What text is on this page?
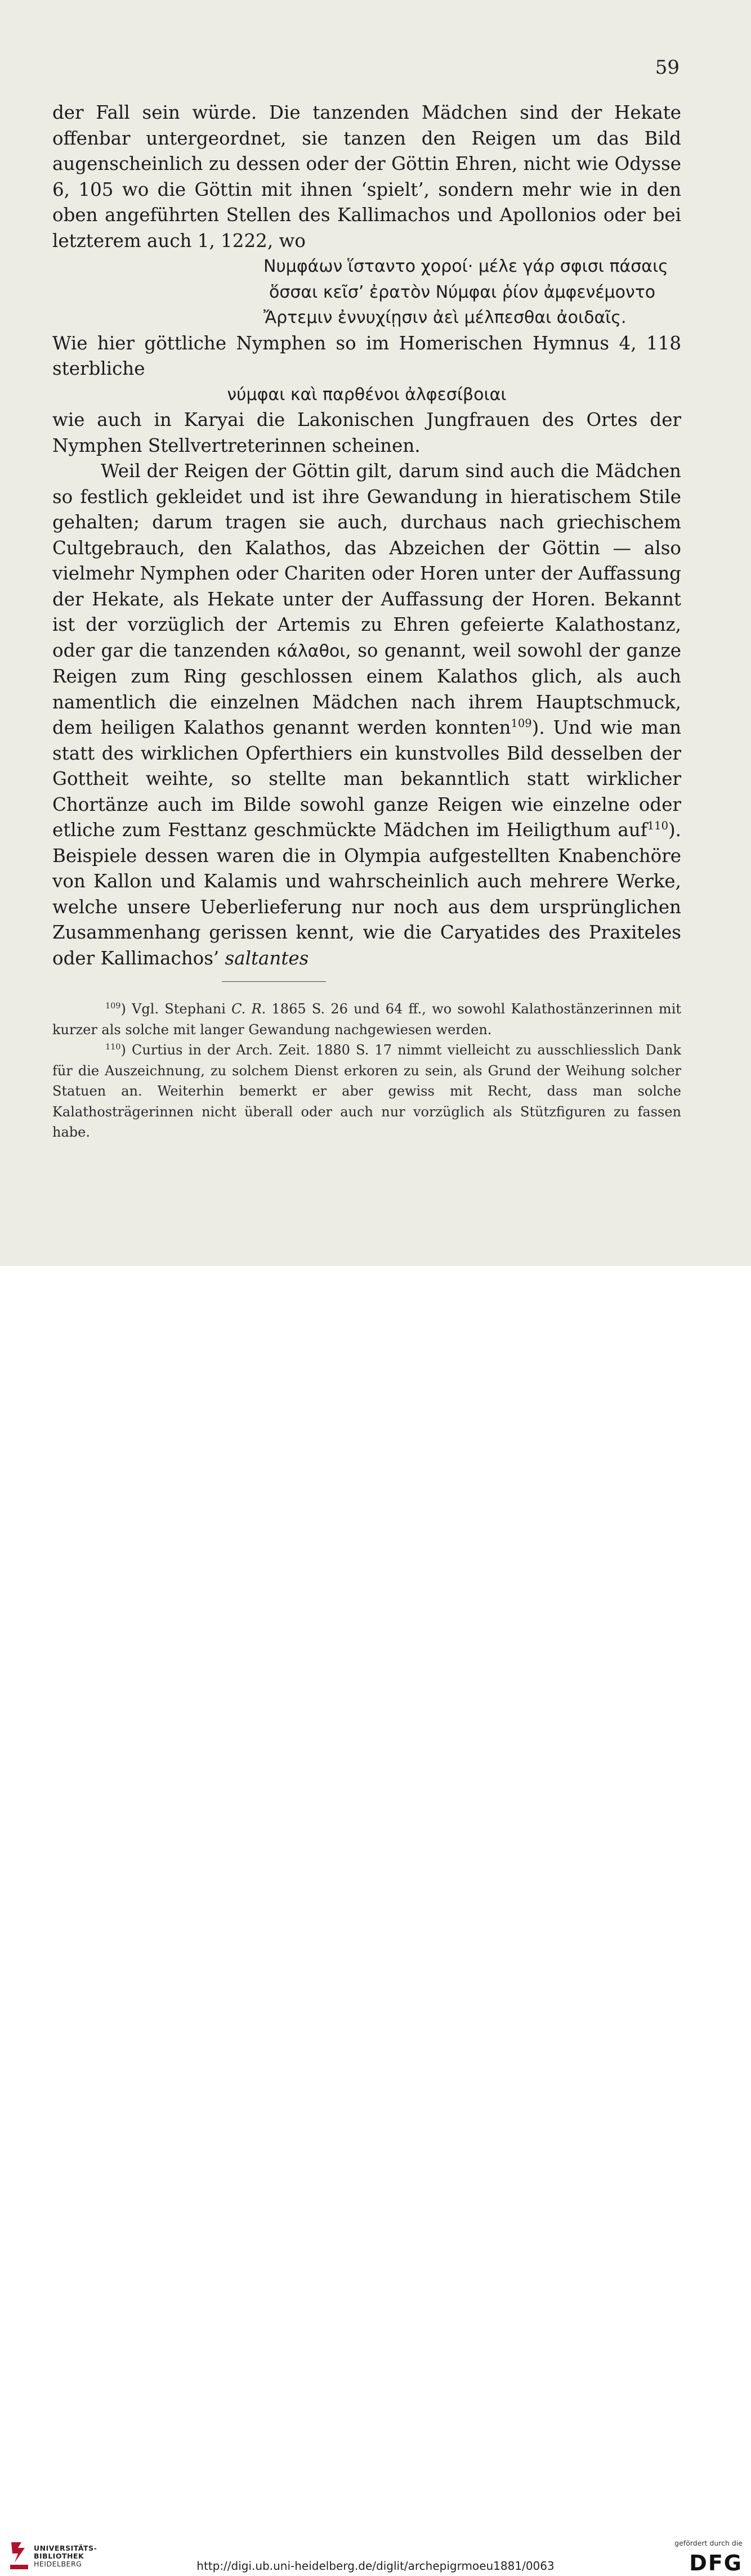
59

der Fall sein würde. Die tanzenden Mädchen sind der Hekate offenbar untergeordnet, sie tanzen den Reigen um das Bild augenscheinlich zu dessen oder der Göttin Ehren, nicht wie Odysse 6, 105 wo die Göttin mit ihnen ‘spielt’, sondern mehr wie in den oben angeführten Stellen des Kallimachos und Apollonios oder bei letzterem auch 1, 1222, wo

Νυμφάων ἵσταντο χοροί· μέλε γάρ σφισι πάσαις
ὅσσαι κεῖσ’ ἐρατὸν Νύμφαι ῥίον ἀμφενέμοντο
Ἄρτεμιν ἐννυχίῃσιν ἀεὶ μέλπεσθαι ἀοιδαῖς.

Wie hier göttliche Nymphen so im Homerischen Hymnus 4, 118 sterbliche

νύμφαι καὶ παρθένοι ἀλφεσίβοιαι

wie auch in Karyai die Lakonischen Jungfrauen des Ortes der Nymphen Stellvertreterinnen scheinen.

Weil der Reigen der Göttin gilt, darum sind auch die Mädchen so festlich gekleidet und ist ihre Gewandung in hieratischem Stile gehalten; darum tragen sie auch, durchaus nach griechischem Cultgebrauch, den Kalathos, das Abzeichen der Göttin — also vielmehr Nymphen oder Chariten oder Horen unter der Auffassung der Hekate, als Hekate unter der Auffassung der Horen. Bekannt ist der vorzüglich der Artemis zu Ehren gefeierte Kalathostanz, oder gar die tanzenden κάλαθοι, so genannt, weil sowohl der ganze Reigen zum Ring geschlossen einem Kalathos glich, als auch namentlich die einzelnen Mädchen nach ihrem Hauptschmuck, dem heiligen Kalathos genannt werden konnten$^{109}$). Und wie man statt des wirklichen Opferthiers ein kunstvolles Bild desselben der Gottheit weihte, so stellte man bekanntlich statt wirklicher Chortänze auch im Bilde sowohl ganze Reigen wie einzelne oder etliche zum Festtanz geschmückte Mädchen im Heiligthum auf$^{110}$). Beispiele dessen waren die in Olympia aufgestellten Knabenchöre von Kallon und Kalamis und wahrscheinlich auch mehrere Werke, welche unsere Ueberlieferung nur noch aus dem ursprünglichen Zusammenhang gerissen kennt, wie die Caryatides des Praxiteles oder Kallimachos’ saltantes

$^{109}$) Vgl. Stephani C. R. 1865 S. 26 und 64 ff., wo sowohl Kalathostänzerinnen mit kurzer als solche mit langer Gewandung nachgewiesen werden.

$^{110}$) Curtius in der Arch. Zeit. 1880 S. 17 nimmt vielleicht zu ausschliesslich Dank für die Auszeichnung, zu solchem Dienst erkoren zu sein, als Grund der Weihung solcher Statuen an. Weiterhin bemerkt er aber gewiss mit Recht, dass man solche Kalathosträgerinnen nicht überall oder auch nur vorzüglich als Stützfiguren zu fassen habe.

UNIVERSITÄTS-
BIBLIOTHEK
HEIDELBERG	http://digi.ub.uni-heidelberg.de/diglit/archepigrmoeu1881/0063
gefördert durch die
DFG
